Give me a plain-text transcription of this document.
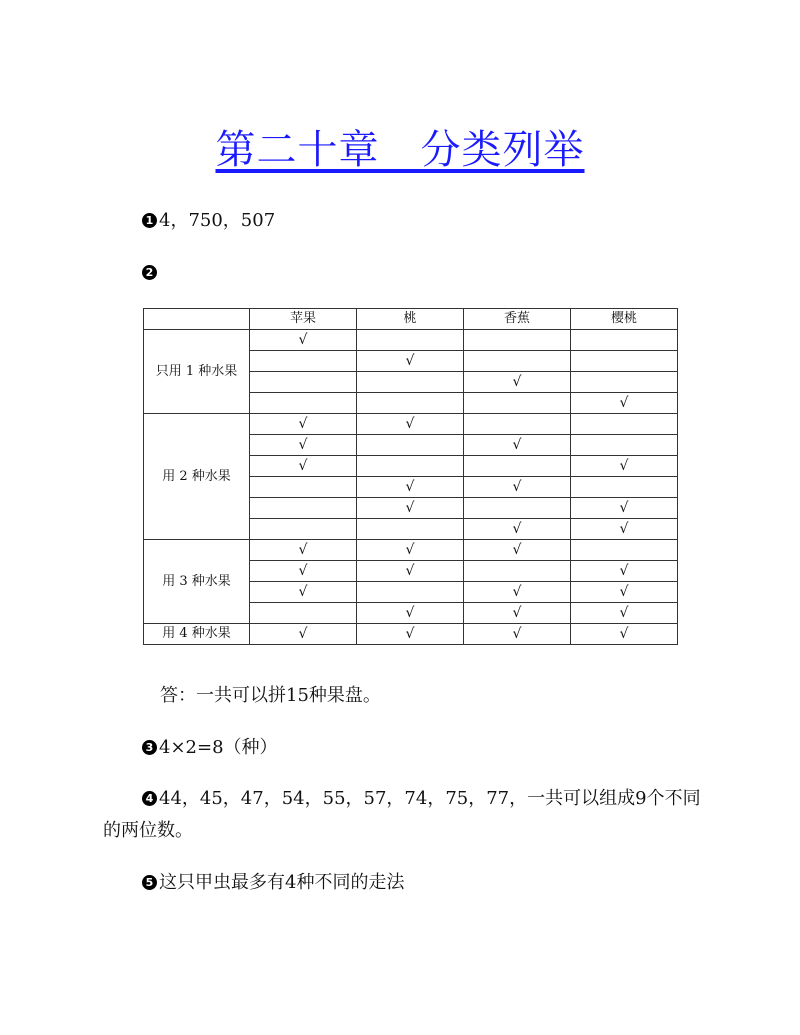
第二十章　分类列举
1 4，750，507
2
	苹果	桃	香蕉	樱桃
只用 1 种水果	√			
		√		
			√	
				√
用 2 种水果	√	√		
	√		√	
	√			√
		√	√	
		√		√
			√	√
用 3 种水果	√	√	√	
	√	√		√
	√		√	√
		√	√	√
用 4 种水果	√	√	√	√
答：一共可以拼15种果盘。
3 4×2=8（种）
4 44，45，47，54，55，57，74，75，77，一共可以组成9个不同
的两位数。
5 这只甲虫最多有4种不同的走法
